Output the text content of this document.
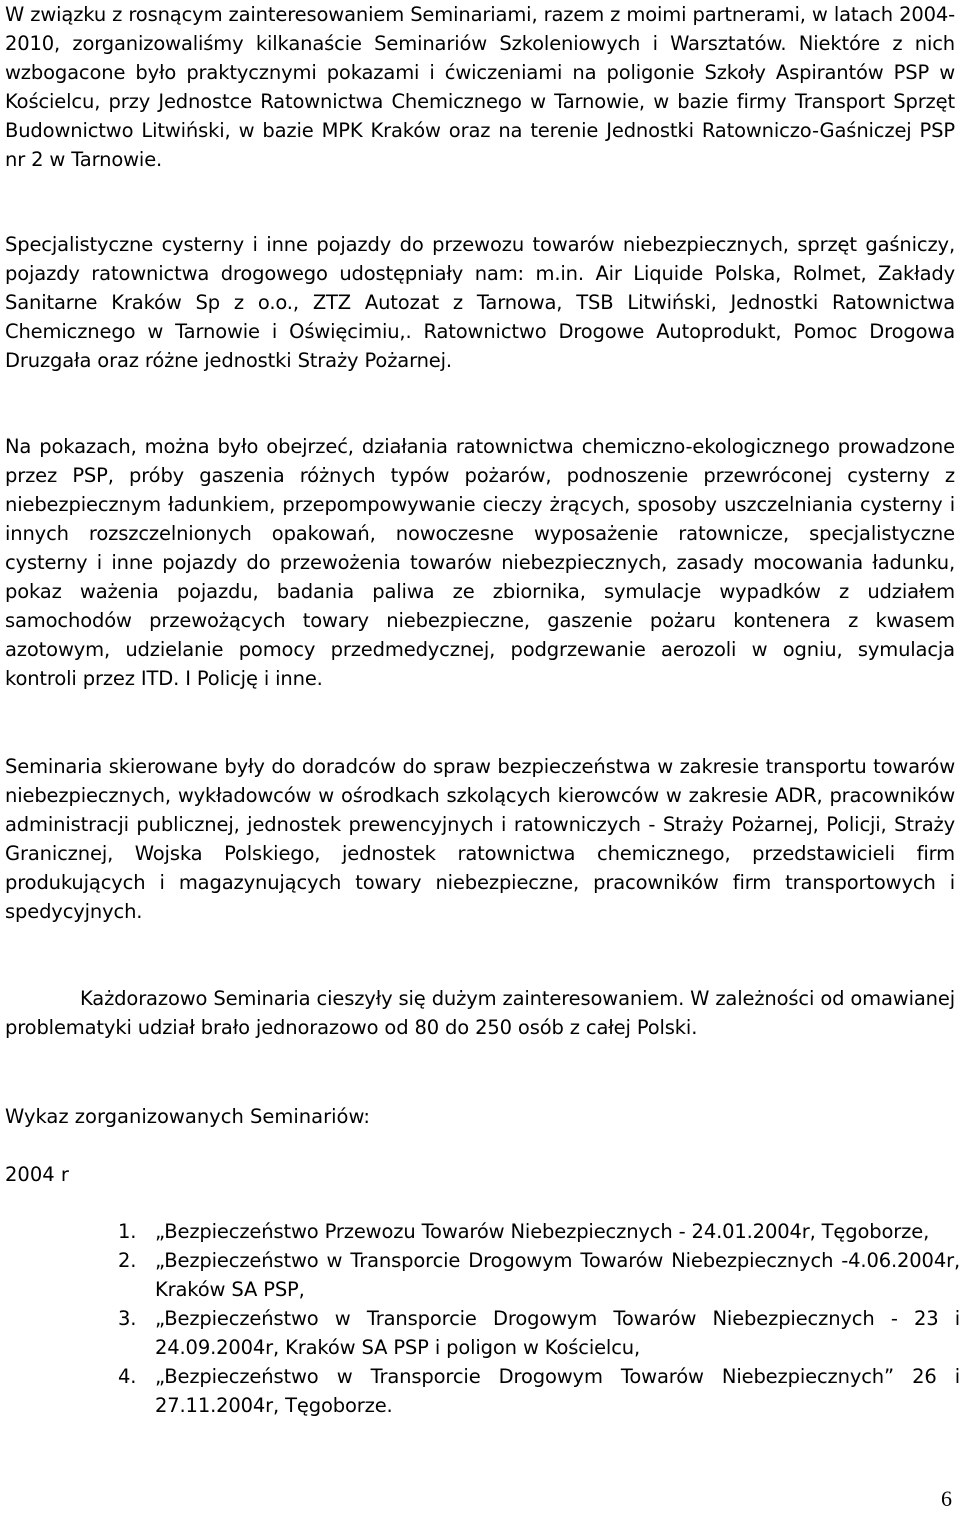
W związku z rosnącym zainteresowaniem Seminariami, razem z moimi partnerami, w latach 2004-2010, zorganizowaliśmy kilkanaście Seminariów Szkoleniowych i Warsztatów. Niektóre z nich wzbogacone było praktycznymi pokazami i ćwiczeniami na poligonie Szkoły Aspirantów PSP w Kościelcu, przy Jednostce Ratownictwa Chemicznego w Tarnowie, w bazie firmy Transport Sprzęt Budownictwo Litwiński, w bazie MPK Kraków oraz na terenie Jednostki Ratowniczo-Gaśniczej PSP nr 2 w Tarnowie.

Specjalistyczne cysterny i inne pojazdy do przewozu towarów niebezpiecznych, sprzęt gaśniczy, pojazdy ratownictwa drogowego udostępniały nam: m.in. Air Liquide Polska, Rolmet, Zakłady Sanitarne Kraków Sp z o.o., ZTZ Autozat z Tarnowa, TSB Litwiński, Jednostki Ratownictwa Chemicznego w Tarnowie i Oświęcimiu,. Ratownictwo Drogowe Autoprodukt, Pomoc Drogowa Druzgała oraz różne jednostki Straży Pożarnej.

Na pokazach, można było obejrzeć, działania ratownictwa chemiczno-ekologicznego prowadzone przez PSP, próby gaszenia różnych typów pożarów, podnoszenie przewróconej cysterny z niebezpiecznym ładunkiem, przepompowywanie cieczy żrących, sposoby uszczelniania cysterny i innych rozszczelnionych opakowań, nowoczesne wyposażenie ratownicze, specjalistyczne cysterny i inne pojazdy do przewożenia towarów niebezpiecznych, zasady mocowania ładunku, pokaz ważenia pojazdu, badania paliwa ze zbiornika, symulacje wypadków z udziałem samochodów przewożących towary niebezpieczne, gaszenie pożaru kontenera z kwasem azotowym, udzielanie pomocy przedmedycznej, podgrzewanie aerozoli w ogniu, symulacja kontroli przez ITD. I Policję i inne.

Seminaria skierowane były do doradców do spraw bezpieczeństwa w zakresie transportu towarów niebezpiecznych, wykładowców w ośrodkach szkolących kierowców w zakresie ADR, pracowników administracji publicznej, jednostek prewencyjnych i ratowniczych - Straży Pożarnej, Policji, Straży Granicznej, Wojska Polskiego, jednostek ratownictwa chemicznego, przedstawicieli firm produkujących i magazynujących towary niebezpieczne, pracowników firm transportowych i spedycyjnych.

Każdorazowo Seminaria cieszyły się dużym zainteresowaniem. W zależności od omawianej problematyki udział brało jednorazowo od 80 do 250 osób z całej Polski.

Wykaz zorganizowanych Seminariów:

2004 r

1. „Bezpieczeństwo Przewozu Towarów Niebezpiecznych - 24.01.2004r, Tęgoborze,
2. „Bezpieczeństwo w Transporcie Drogowym Towarów Niebezpiecznych -4.06.2004r, Kraków SA PSP,
3. „Bezpieczeństwo w Transporcie Drogowym Towarów Niebezpiecznych - 23 i 24.09.2004r, Kraków SA PSP i poligon w Kościelcu,
4. „Bezpieczeństwo w Transporcie Drogowym Towarów Niebezpiecznych” 26 i 27.11.2004r, Tęgoborze.
6
